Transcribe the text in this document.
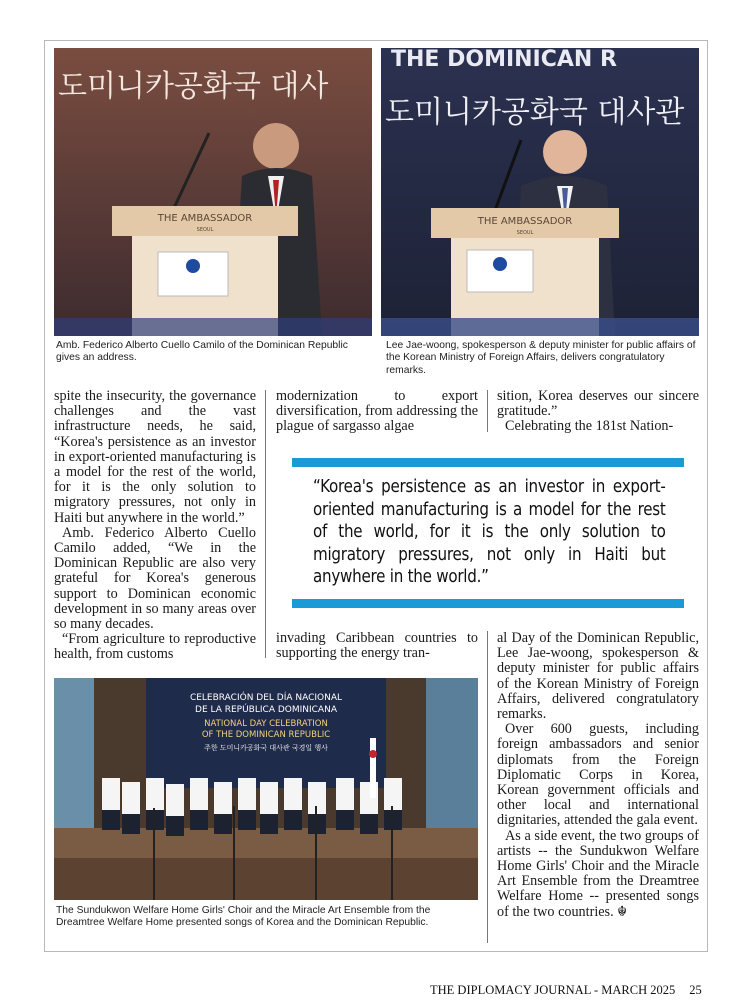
도미니카공화국 대사
THE AMBASSADOR
SEOUL
Amb. Federico Alberto Cuello Camilo of the Dominican Republic gives an address.
THE DOMINICAN R
도미니카공화국 대사관
THE AMBASSADOR
SEOUL
Lee Jae-woong, spokesperson & deputy minister for public affairs of the Korean Ministry of Foreign Affairs, delivers congratulatory remarks.

spite the insecurity, the governance challenges and the vast infrastructure needs, he said, “Korea's persistence as an investor in export-oriented manufacturing is a model for the rest of the world, for it is the only solution to migratory pressures, not only in Haiti but anywhere in the world.”

Amb. Federico Alberto Cuello Camilo added, “We in the Dominican Republic are also very grateful for Korea's generous support to Dominican economic development in so many areas over so many decades.

“From agriculture to reproductive health, from customs

modernization to export diversification, from addressing the plague of sargasso algae

sition, Korea deserves our sincere gratitude.”

Celebrating the 181st Nation-

“Korea's persistence as an investor in export-oriented manufacturing is a model for the rest of the world, for it is the only solution to migratory pressures, not only in Haiti but anywhere in the world.”

invading Caribbean countries to supporting the energy tran-

al Day of the Dominican Republic, Lee Jae-woong, spokesperson & deputy minister for public affairs of the Korean Ministry of Foreign Affairs, delivered congratulatory remarks.

Over 600 guests, including foreign ambassadors and senior diplomats from the Foreign Diplomatic Corps in Korea, Korean government officials and other local and international dignitaries, attended the gala event.

As a side event, the two groups of artists -- the Sundukwon Welfare Home Girls' Choir and the Miracle Art Ensemble from the Dreamtree Welfare Home -- presented songs of the two countries. ☬

CELEBRACIÓN DEL DÍA NACIONAL
DE LA REPÚBLICA DOMINICANA
NATIONAL DAY CELEBRATION
OF THE DOMINICAN REPUBLIC
주한 도미니카공화국 대사관 국경일 행사
The Sundukwon Welfare Home Girls' Choir and the Miracle Art Ensemble from the Dreamtree Welfare Home presented songs of Korea and the Dominican Republic.
THE DIPLOMACY JOURNAL - MARCH 2025 25
